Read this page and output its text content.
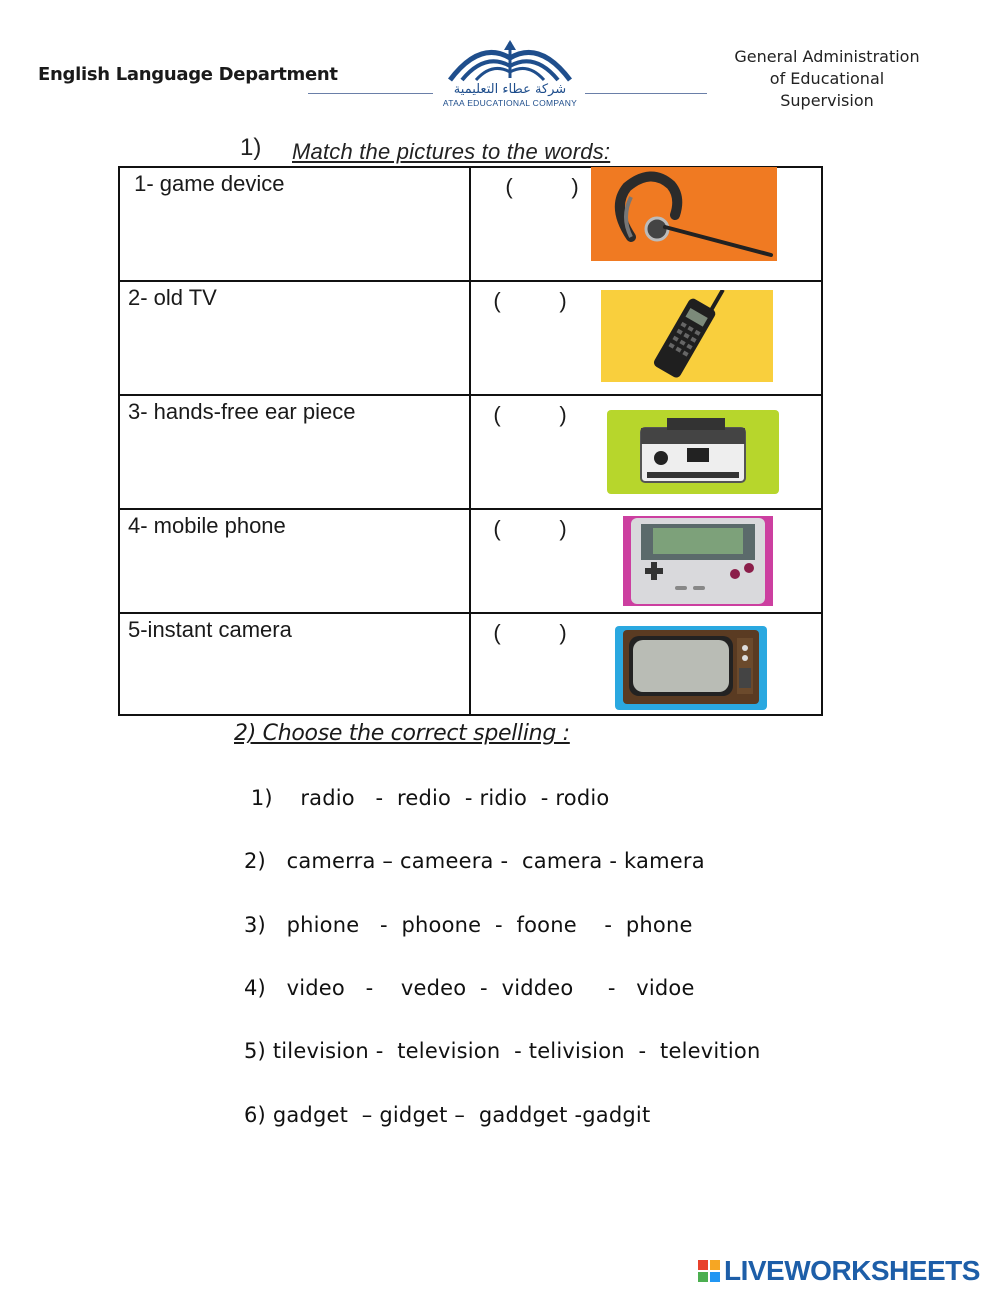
English Language Department
شركة عطاء التعليمية
ATAA EDUCATIONAL COMPANY
General Administration
of Educational Supervision
1) Match the pictures to the words:
1- game device	( )

2- old TV	( )

3- hands-free ear piece	( )

4- mobile phone	( )

5-instant camera	( )
2) Choose the correct spelling :
1)    radio   -  redio  - ridio  - rodio
2)   camerra – cameera -  camera - kamera
3)   phione   -  phoone  -  foone    -  phone
4)   video   -    vedeo  -  viddeo     -   vidoe
5) tilevision -  television  - telivision  -  televition
6) gadget  – gidget –  gaddget -gadgit
LIVEWORKSHEETS
